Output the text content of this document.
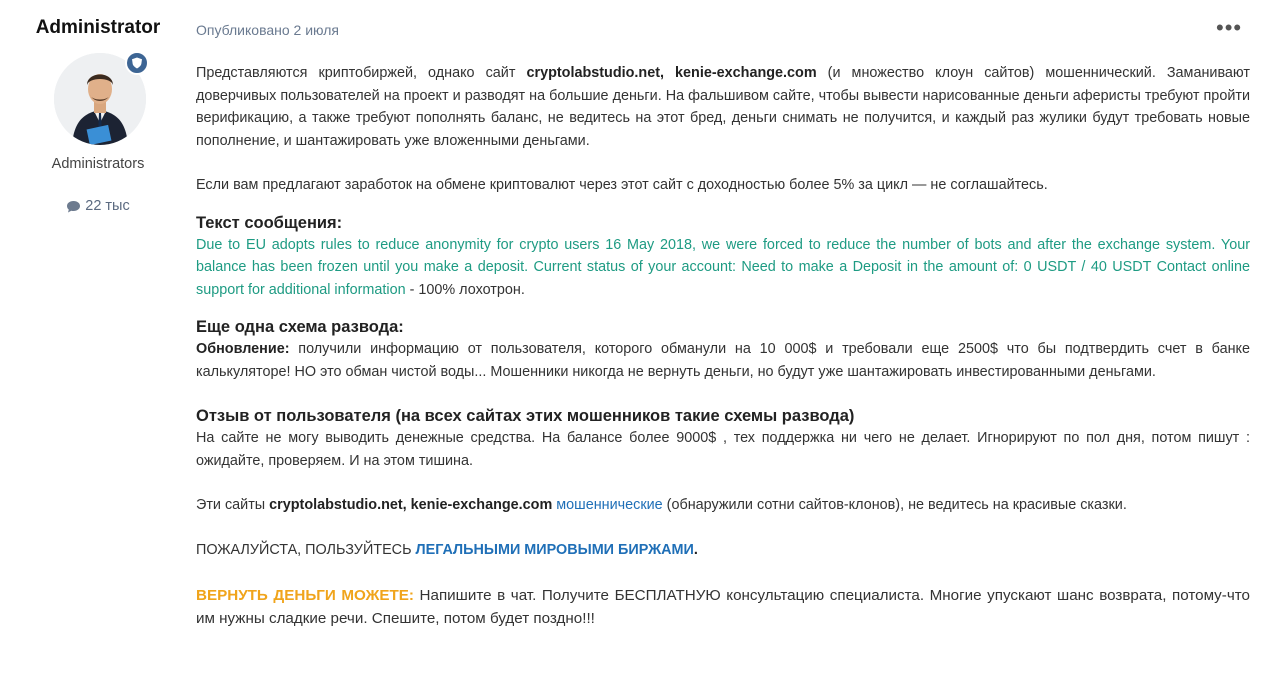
Administrator
Administrators
22 тыс
Опубликовано 2 июля	•••

Представляются криптобиржей, однако сайт cryptolabstudio.net, kenie-exchange.com (и множество клоун сайтов) мошеннический. Заманивают доверчивых пользователей на проект и разводят на большие деньги. На фальшивом сайте, чтобы вывести нарисованные деньги аферисты требуют пройти верификацию, а также требуют пополнять баланс, не ведитесь на этот бред, деньги снимать не получится, и каждый раз жулики будут требовать новые пополнение, и шантажировать уже вложенными деньгами.

Если вам предлагают заработок на обмене криптовалют через этот сайт с доходностью более 5% за цикл — не соглашайтесь.

Текст сообщения:

Due to EU adopts rules to reduce anonymity for crypto users 16 May 2018, we were forced to reduce the number of bots and after the exchange system. Your balance has been frozen until you make a deposit. Current status of your account: Need to make a Deposit in the amount of: 0 USDT / 40 USDT Contact online support for additional information - 100% лохотрон.

Еще одна схема развода:

Обновление: получили информацию от пользователя, которого обманули на 10 000$ и требовали еще 2500$ что бы подтвердить счет в банке калькуляторе! НО это обман чистой воды... Мошенники никогда не вернуть деньги, но будут уже шантажировать инвестированными деньгами.

Отзыв от пользователя (на всех сайтах этих мошенников такие схемы развода)

На сайте не могу выводить денежные средства. На балансе более 9000$ , тех поддержка ни чего не делает. Игнорируют по пол дня, потом пишут : ожидайте, проверяем. И на этом тишина.

Эти сайты cryptolabstudio.net, kenie-exchange.com мошеннические (обнаружили сотни сайтов-клонов), не ведитесь на красивые сказки.

ПОЖАЛУЙСТА, ПОЛЬЗУЙТЕСЬ ЛЕГАЛЬНЫМИ МИРОВЫМИ БИРЖАМИ.

ВЕРНУТЬ ДЕНЬГИ МОЖЕТЕ: Напишите в чат. Получите БЕСПЛАТНУЮ консультацию специалиста. Многие упускают шанс возврата, потому-что им нужны сладкие речи. Спешите, потом будет поздно!!!
